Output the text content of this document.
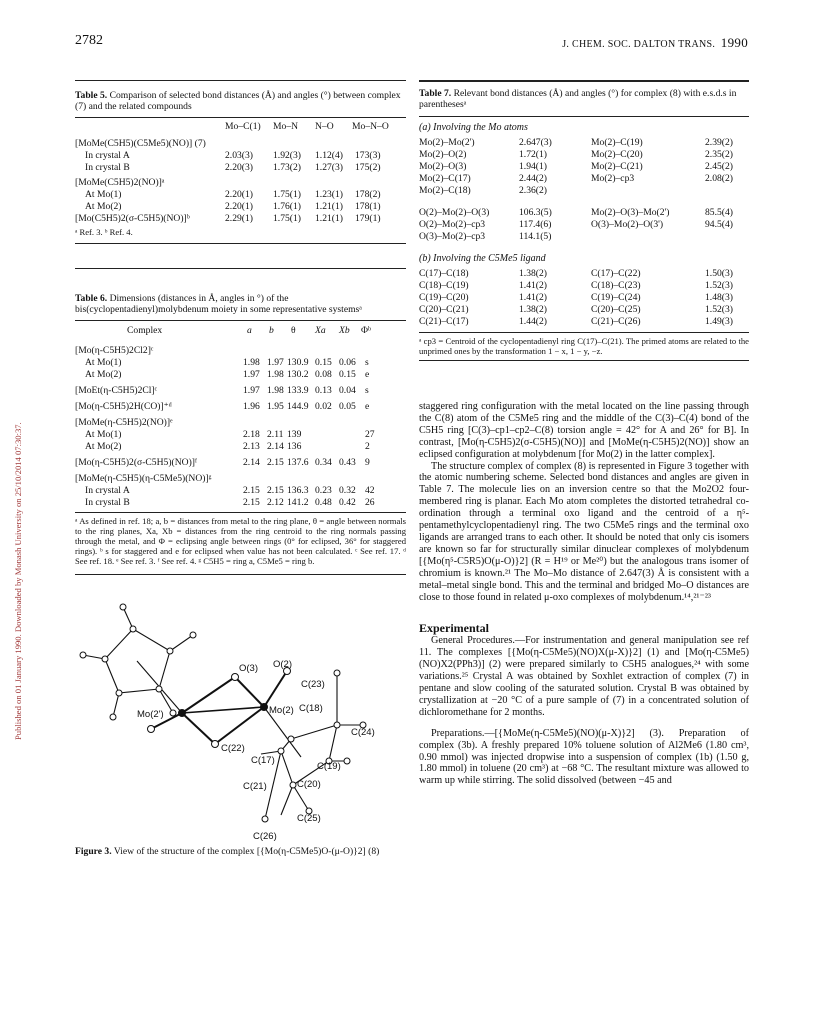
Published on 01 January 1990. Downloaded by Monash University on 25/10/2014 07:30:37.
2782	J. CHEM. SOC. DALTON TRANS. 1990
Table 5. Comparison of selected bond distances (Å) and angles (°) between complex (7) and the related compounds
Mo–C(1) Mo–N N–O Mo–N–O
[MoMe(C5H5)(C5Me5)(NO)] (7)
In crystal A	2.03(3) 1.92(3) 1.12(4) 173(3)
In crystal B	2.20(3) 1.73(2) 1.27(3) 175(2)
[MoMe(C5H5)2(NO)]ᵃ
At Mo(1)	2.20(1) 1.75(1) 1.23(1) 178(2)
At Mo(2)	2.20(1) 1.76(1) 1.21(1) 178(1)
[Mo(C5H5)2(σ-C5H5)(NO)]ᵇ	2.29(1) 1.75(1) 1.21(1) 179(1)
ᵃ Ref. 3. ᵇ Ref. 4.
Table 6. Dimensions (distances in Å, angles in °) of the bis(cyclopentadienyl)molybdenum moiety in some representative systemsᵃ
Complex	a b θ Xa Xb Φᵇ
[Mo(η-C5H5)2Cl2]ᶜ
At Mo(1)	1.98 1.97 130.9 0.15 0.06 s
At Mo(2)	1.97 1.98 130.2 0.08 0.15 e
[MoEt(η-C5H5)2Cl]ᶜ	1.97 1.98 133.9 0.13 0.04 s
[Mo(η-C5H5)2H(CO)]⁺ᵈ	1.96 1.95 144.9 0.02 0.05 e
[MoMe(η-C5H5)2(NO)]ᵉ
At Mo(1)	2.18 2.11 139	27
At Mo(2)	2.13 2.14 136	2
[Mo(η-C5H5)2(σ-C5H5)(NO)]ᶠ	2.14 2.15 137.6 0.34 0.43 9
[MoMe(η-C5H5)(η-C5Me5)(NO)]ᵍ
In crystal A	2.15 2.15 136.3 0.23 0.32 42
In crystal B	2.15 2.12 141.2 0.48 0.42 26
ᵃ As defined in ref. 18; a, b = distances from metal to the ring plane, θ = angle between normals to the ring planes, Xa, Xb = distances from the ring centroid to the ring normals passing through the metal, and Φ = eclipsing angle between rings (0° for eclipsed, 36° for staggered rings). ᵇ s for staggered and e for eclipsed when value has not been calculated. ᶜ See ref. 17. ᵈ See ref. 18. ᵉ See ref. 3. ᶠ See ref. 4. ᵍ C5H5 = ring a, C5Me5 = ring b.
O(3) O(2)
C(23)
Mo(2')	Mo(2) C(18)
C(24)
C(22)
C(19)
C(17)
C(21)	C(20)
C(25)
C(26)
Figure 3. View of the structure of the complex [{Mo(η-C5Me5)O-(μ-O)}2] (8)
Table 7. Relevant bond distances (Å) and angles (°) for complex (8) with e.s.d.s in parenthesesᵃ
(a) Involving the Mo atoms
Mo(2)–Mo(2')	2.647(3)	Mo(2)–C(19)	2.39(2)
Mo(2)–O(2)	1.72(1)	Mo(2)–C(20)	2.35(2)
Mo(2)–O(3)	1.94(1)	Mo(2)–C(21)	2.45(2)
Mo(2)–C(17)	2.44(2)	Mo(2)–cp3	2.08(2)
Mo(2)–C(18)	2.36(2)
O(2)–Mo(2)–O(3)	106.3(5)	Mo(2)–O(3)–Mo(2')	85.5(4)
O(2)–Mo(2)–cp3	117.4(6)	O(3)–Mo(2)–O(3')	94.5(4)
O(3)–Mo(2)–cp3	114.1(5)
(b) Involving the C5Me5 ligand
C(17)–C(18)	1.38(2)	C(17)–C(22)	1.50(3)
C(18)–C(19)	1.41(2)	C(18)–C(23)	1.52(3)
C(19)–C(20)	1.41(2)	C(19)–C(24)	1.48(3)
C(20)–C(21)	1.38(2)	C(20)–C(25)	1.52(3)
C(21)–C(17)	1.44(2)	C(21)–C(26)	1.49(3)
ᵃ cp3 = Centroid of the cyclopentadienyl ring C(17)–C(21). The primed atoms are related to the unprimed ones by the transformation 1 − x, 1 − y, −z.

staggered ring configuration with the metal located on the line passing through the C(8) atom of the C5Me5 ring and the middle of the C(3)–C(4) bond of the C5H5 ring [C(3)–cp1–cp2–C(8) torsion angle = 42° for A and 26° for B]. In contrast, [Mo(η-C5H5)2(σ-C5H5)(NO)] and [MoMe(η-C5H5)2(NO)] show an eclipsed configuration at molybdenum [for Mo(2) in the latter complex].

The structure complex of complex (8) is represented in Figure 3 together with the atomic numbering scheme. Selected bond distances and angles are given in Table 7. The molecule lies on an inversion centre so that the Mo2O2 four-membered ring is planar. Each Mo atom completes the distorted tetrahedral co-ordination through a terminal oxo ligand and the centroid of a η⁵-pentamethylcyclopentadienyl ring. The two C5Me5 rings and the terminal oxo ligands are arranged trans to each other. It should be noted that only cis isomers are known so far for structurally similar dinuclear complexes of molybdenum [{Mo(η⁵-C5R5)O(μ-O)}2] (R = H¹⁹ or Me²⁰) but the analogous trans isomer of chromium is known.²¹ The Mo–Mo distance of 2.647(3) Å is consistent with a metal–metal single bond. This and the terminal and bridged Mo–O distances are close to those found in related μ-oxo complexes of molybdenum.¹⁴,²¹⁻²³

Experimental

General Procedures.—For instrumentation and general manipulation see ref 11. The complexes [{Mo(η-C5Me5)(NO)X(μ-X)}2] (1) and [Mo(η-C5Me5)(NO)X2(PPh3)] (2) were prepared similarly to C5H5 analogues,²⁴ with some variations.²⁵ Crystal A was obtained by Soxhlet extraction of complex (7) in pentane and slow cooling of the saturated solution. Crystal B was obtained by crystallization at −20 °C of a pure sample of (7) in a concentrated solution of dichloromethane for 2 months.

Preparations.—[{MoMe(η-C5Me5)(NO)(μ-X)}2] (3). Preparation of complex (3b). A freshly prepared 10% toluene solution of Al2Me6 (1.80 cm³, 0.90 mmol) was injected dropwise into a suspension of complex (1b) (1.50 g, 1.80 mmol) in toluene (20 cm³) at −68 °C. The resultant mixture was allowed to warm up while stirring. The solid dissolved (between −45 and
